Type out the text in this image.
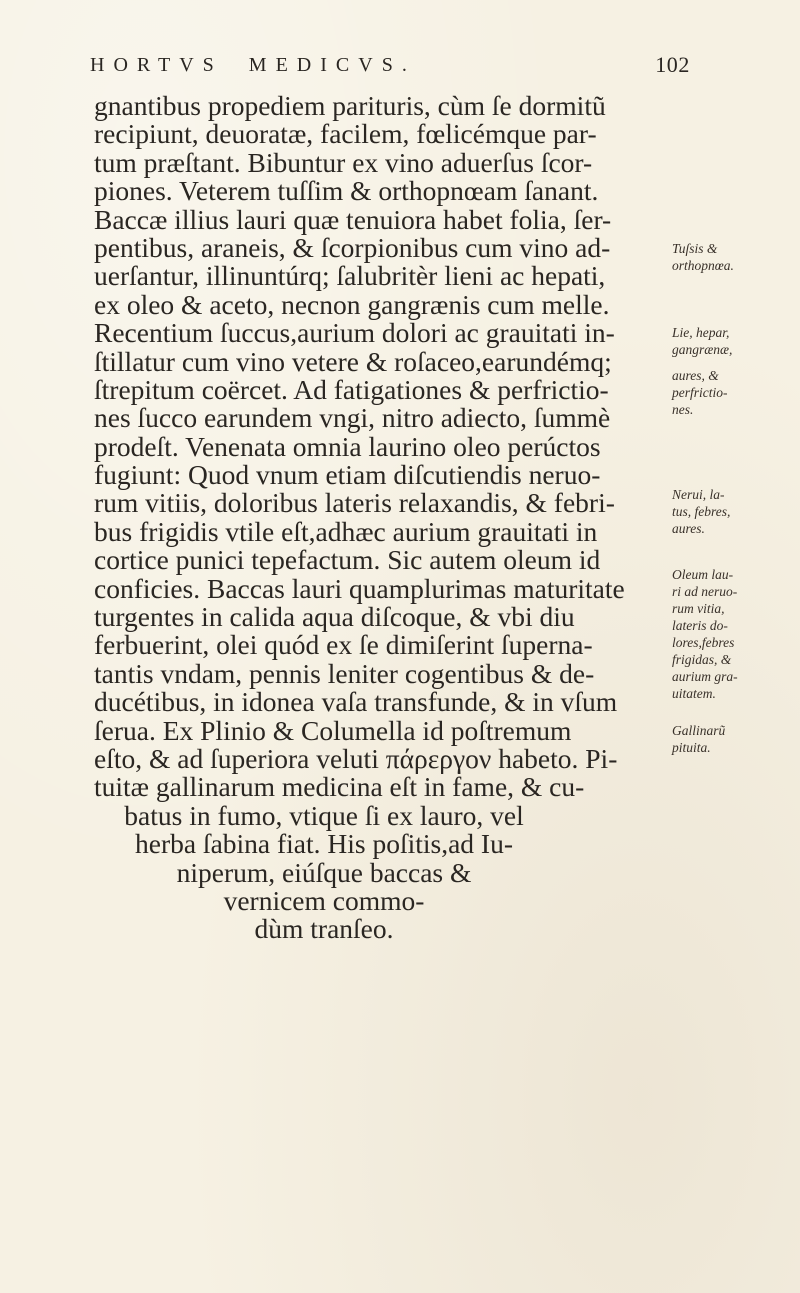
HORTVS MEDICVS.	102
gnantibus propediem parituris, cùm ſe dormitũ
recipiunt, deuoratæ, facilem, fœlicémque par-
tum præſtant. Bibuntur ex vino aduerſus ſcor-
piones. Veterem tuſſim & orthopnœam ſanant.
Baccæ illius lauri quæ tenuiora habet folia, ſer-
pentibus, araneis, & ſcorpionibus cum vino ad-
uerſantur, illinuntúrq; ſalubritèr lieni ac hepati,
ex oleo & aceto, necnon gangrænis cum melle.
Recentium ſuccus,aurium dolori ac grauitati in-
ſtillatur cum vino vetere & roſaceo,earundémq;
ſtrepitum coërcet. Ad fatigationes & perfrictio-
nes ſucco earundem vngi, nitro adiecto, ſummè
prodeſt. Venenata omnia laurino oleo perúctos
fugiunt: Quod vnum etiam diſcutiendis neruo-
rum vitiis, doloribus lateris relaxandis, & febri-
bus frigidis vtile eſt,adhæc aurium grauitati in
cortice punici tepefactum. Sic autem oleum id
conficies. Baccas lauri quamplurimas maturitate
turgentes in calida aqua diſcoque, & vbi diu
ferbuerint, olei quód ex ſe dimiſerint ſuperna-
tantis vndam, pennis leniter cogentibus & de-
ducétibus, in idonea vaſa transfunde, & in vſum
ſerua. Ex Plinio & Columella id poſtremum
eſto, & ad ſuperiora veluti πάρεργον habeto. Pi-
tuitæ gallinarum medicina eſt in fame, & cu-
batus in fumo, vtique ſi ex lauro, vel
herba ſabina fiat. His poſitis,ad Iu-
niperum, eiúſque baccas &
vernicem commo-
dùm tranſeo.
Tuſsis &
orthopnœa.
Lie, hepar,
gangrænæ,
aures, &
perfrictio-
nes.
Nerui, la-
tus, febres,
aures.
Oleum lau-
ri ad neruo-
rum vitia,
lateris do-
lores,febres
frigidas, &
aurium gra-
uitatem.
Gallinarũ
pituita.
